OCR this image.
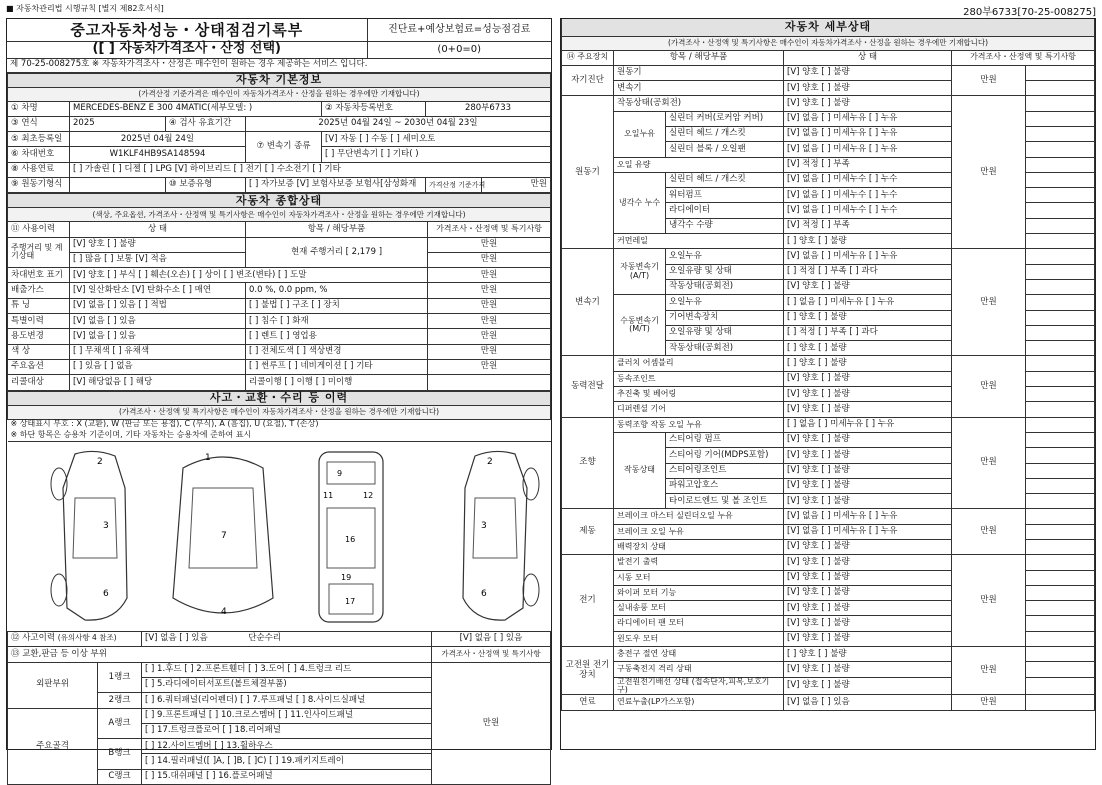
■ 자동차관리법 시행규칙 [별지 제82호서식]	280부6733[70-25-008275]
중고자동차성능・상태점검기록부	진단료+예상보험료=성능점검료
([ ] 자동차가격조사・산정 선택)	(0+0=0)
제 70-25-008275호 ※ 자동차가격조사・산정은 매수인이 원하는 경우 제공하는 서비스 입니다.	
자동차 기본정보						
(가격산정 기준가격은 매수인이 자동차가격조사・산정을 원하는 경우에만 기재합니다)						
① 차명	MERCEDES-BENZ E 300 4MATIC(세부모델: )			② 자동차등록번호	280부6733	
③ 연식	2025	④ 검사 유효기간	2025년 04월 24일 ~ 2030년 04월 23일			
⑤ 최초등록일	2025년 04월 24일		⑦ 변속기 종류	[V] 자동 [ ] 수동 [ ] 세미오토		
⑥ 차대번호	W1KLF4HB9SA148594			[ ] 무단변속기 [ ] 기타( )		
⑧ 사용연료	[ ] 가솔린 [ ] 디젤 [ ] LPG [V] 하이브리드 [ ] 전기 [ ] 수소전기 [ ] 기타					
⑨ 원동기형식		⑩ 보증유형	[ ] 자가보증 [V] 보험사보증 보험사[삼성화재		가격산정 기준가격	만원
자동차 종합상태			
(색상, 주요옵션, 가격조사・산정액 및 특기사항은 매수인이 자동차가격조사・산정을 원하는 경우에만 기재합니다)			
⑪ 사용이력	상 태	항목 / 해당부품	가격조사・산정액 및 특기사항
주행거리 및 계기상태	[V] 양호 [ ] 불량	현재 주행거리 [ 2,179 ]	만원
	[ ] 많음 [ ] 보통 [V] 적음		만원
차대번호 표기	[V] 양호 [ ] 부식 [ ] 훼손(오손) [ ] 상이 [ ] 변조(변타) [ ] 도말		만원
배출가스	[V] 일산화탄소 [V] 탄화수소 [ ] 매연	0.0 %, 0.0 ppm, %	만원
튜 닝	[V] 없음 [ ] 있음 [ ] 적법	[ ] 불법 [ ] 구조 [ ] 장치	만원
특별이력	[V] 없음 [ ] 있음	[ ] 침수 [ ] 화재	만원
용도변경	[V] 없음 [ ] 있음	[ ] 렌트 [ ] 영업용	만원
색 상	[ ] 무채색 [ ] 유채색	[ ] 전체도색 [ ] 색상변경	만원
주요옵션	[ ] 있음 [ ] 없음	[ ] 썬루프 [ ] 네비게이션 [ ] 기타	만원
리콜대상	[V] 해당없음 [ ] 해당	리콜이행 [ ] 이행 [ ] 미이행	
사고・교환・수리 등 이력
(가격조사・산정액 및 특기사항은 매수인이 자동차가격조사・산정을 원하는 경우에만 기재합니다)
※ 상태표시 부호 : X (교환), W (판금 또는 용접), C (부식), A (흠집), U (요철), T (손상)
※ 하단 항목은 승용차 기준이며, 기타 자동차는 승용차에 준하여 표시
2
3
6
1
7
4
9
11	12
16
19
17
2
3
6
⑫ 사고이력 (유의사항 4 참조)		[V] 없음 [ ] 있음 단순수리	[V] 없음 [ ] 있음
⑬ 교환,판금 등 이상 부위			가격조사・산정액 및 특기사항
외판부위	1랭크	[ ] 1.후드 [ ] 2.프론트휀더 [ ] 3.도어 [ ] 4.트렁크 리드	만원
		[ ] 5.라디에이터서포트(볼트체결부품)	
	2랭크	[ ] 6.쿼터패널(리어펜더) [ ] 7.루프패널 [ ] 8.사이드실패널	
주요골격	A랭크	[ ] 9.프론트패널 [ ] 10.크로스멤버 [ ] 11.인사이드패널	
		[ ] 17.트렁크플로어 [ ] 18.리어패널	
	B랭크	[ ] 12.사이드멤버 [ ] 13.휠하우스	
		[ ] 14.필러패널([ ]A, [ ]B, [ ]C) [ ] 19.패키지트레이	
	C랭크	[ ] 15.대쉬패널 [ ] 16.플로어패널	
자동차 세부상태					
(가격조사・산정액 및 특기사항은 매수인이 자동차가격조사・산정을 원하는 경우에만 기재합니다)					
⑭ 주요장치	항목 / 해당부품		상 태	가격조사・산정액 및 특기사항	
자기진단	원동기		[V] 양호 [ ] 불량	만원	
	변속기		[V] 양호 [ ] 불량		
원동기	작동상태(공회전)		[V] 양호 [ ] 불량	만원	
	오일누유	실린더 커버(로커암 커버)	[V] 없음 [ ] 미세누유 [ ] 누유		
		실린더 헤드 / 개스킷	[V] 없음 [ ] 미세누유 [ ] 누유		
		실린더 블록 / 오일팬	[V] 없음 [ ] 미세누유 [ ] 누유		
	오일 유량		[V] 적정 [ ] 부족		
	냉각수 누수	실린더 헤드 / 개스킷	[V] 없음 [ ] 미세누수 [ ] 누수		
		워터펌프	[V] 없음 [ ] 미세누수 [ ] 누수		
		라디에이터	[V] 없음 [ ] 미세누수 [ ] 누수		
		냉각수 수량	[V] 적정 [ ] 부족		
	커먼레일		[ ] 양호 [ ] 불량		
변속기	자동변속기 (A/T)	오일누유	[V] 없음 [ ] 미세누유 [ ] 누유	만원	
		오일유량 및 상태	[ ] 적정 [ ] 부족 [ ] 과다		
		작동상태(공회전)	[V] 양호 [ ] 불량		
	수동변속기 (M/T)	오일누유	[ ] 없음 [ ] 미세누유 [ ] 누유		
		기어변속장치	[ ] 양호 [ ] 불량		
		오일유량 및 상태	[ ] 적정 [ ] 부족 [ ] 과다		
		작동상태(공회전)	[ ] 양호 [ ] 불량		
동력전달	클러치 어셈블리		[ ] 양호 [ ] 불량	만원	
	등속조인트		[V] 양호 [ ] 불량		
	추진축 및 베어링		[V] 양호 [ ] 불량		
	디퍼렌셜 기어		[V] 양호 [ ] 불량		
조향	동력조향 작동 오일 누유		[ ] 없음 [ ] 미세누유 [ ] 누유	만원	
	작동상태	스티어링 펌프	[V] 양호 [ ] 불량		
		스티어링 기어(MDPS포함)	[V] 양호 [ ] 불량		
		스티어링조인트	[V] 양호 [ ] 불량		
		파워고압호스	[V] 양호 [ ] 불량		
		타이로드엔드 및 볼 조인트	[V] 양호 [ ] 불량		
제동	브레이크 마스터 실린더오일 누유		[V] 없음 [ ] 미세누유 [ ] 누유	만원	
	브레이크 오일 누유		[V] 없음 [ ] 미세누유 [ ] 누유		
	배력장치 상태		[V] 양호 [ ] 불량		
전기	발전기 출력		[V] 양호 [ ] 불량	만원	
	시동 모터		[V] 양호 [ ] 불량		
	와이퍼 모터 기능		[V] 양호 [ ] 불량		
	실내송풍 모터		[V] 양호 [ ] 불량		
	라디에이터 팬 모터		[V] 양호 [ ] 불량		
	윈도우 모터		[V] 양호 [ ] 불량		
고전원 전기장치	충전구 절연 상태		[ ] 양호 [ ] 불량	만원	
	구동축전지 격리 상태		[V] 양호 [ ] 불량		
	고전원전기배선 상태 (접속단자,피복,보호기구)		[V] 양호 [ ] 불량		
연료	연료누출(LP가스포함)		[V] 없음 [ ] 있음	만원	
